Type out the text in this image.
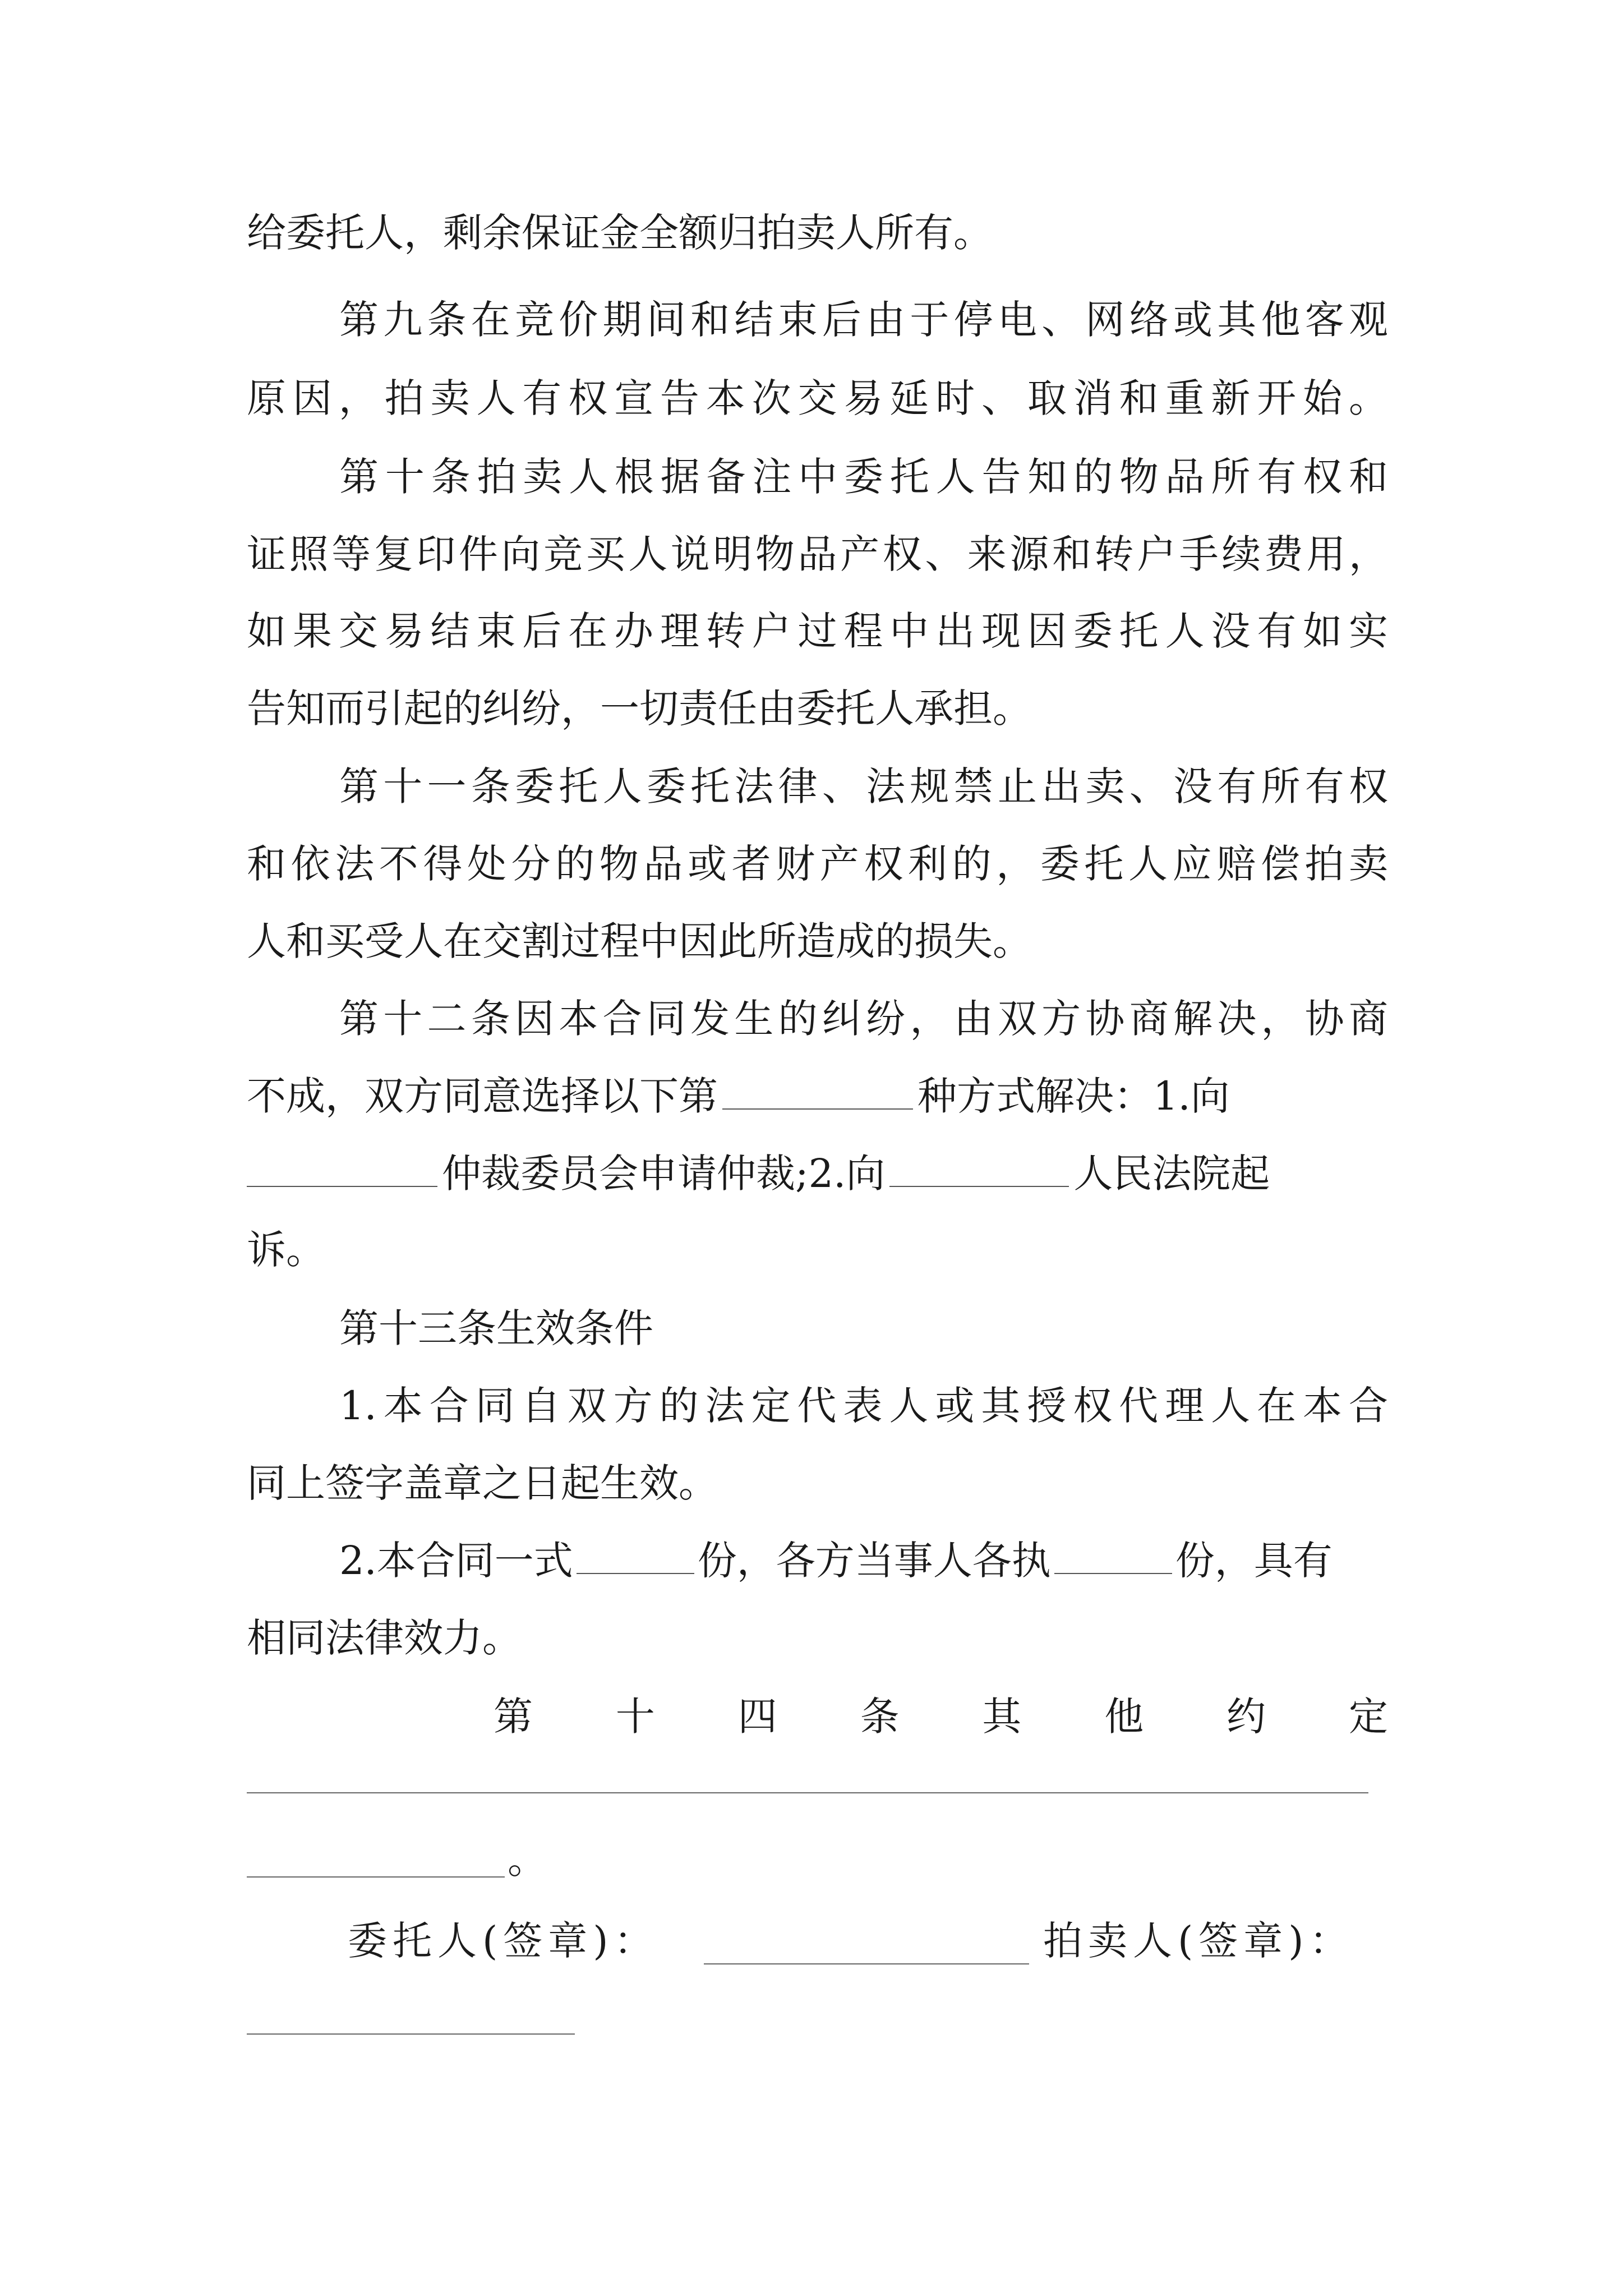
给委托人，剩余保证金全额归拍卖人所有。
第九条在竞价期间和结束后由于停电、网络或其他客观
原因，拍卖人有权宣告本次交易延时、取消和重新开始。
第十条拍卖人根据备注中委托人告知的物品所有权和
证照等复印件向竞买人说明物品产权、来源和转户手续费用，
如果交易结束后在办理转户过程中出现因委托人没有如实
告知而引起的纠纷，一切责任由委托人承担。
第十一条委托人委托法律、法规禁止出卖、没有所有权
和依法不得处分的物品或者财产权利的，委托人应赔偿拍卖
人和买受人在交割过程中因此所造成的损失。
第十二条因本合同发生的纠纷，由双方协商解决，协商
不成，双方同意选择以下第	种方式解决：1.向
仲裁委员会申请仲裁;2.向	人民法院起
诉。
第十三条生效条件
1.本合同自双方的法定代表人或其授权代理人在本合
同上签字盖章之日起生效。
2.本合同一式	份，各方当事人各执	份，具有
相同法律效力。
第十四条其他约定
。
委托人(签章)：	拍卖人(签章)：
